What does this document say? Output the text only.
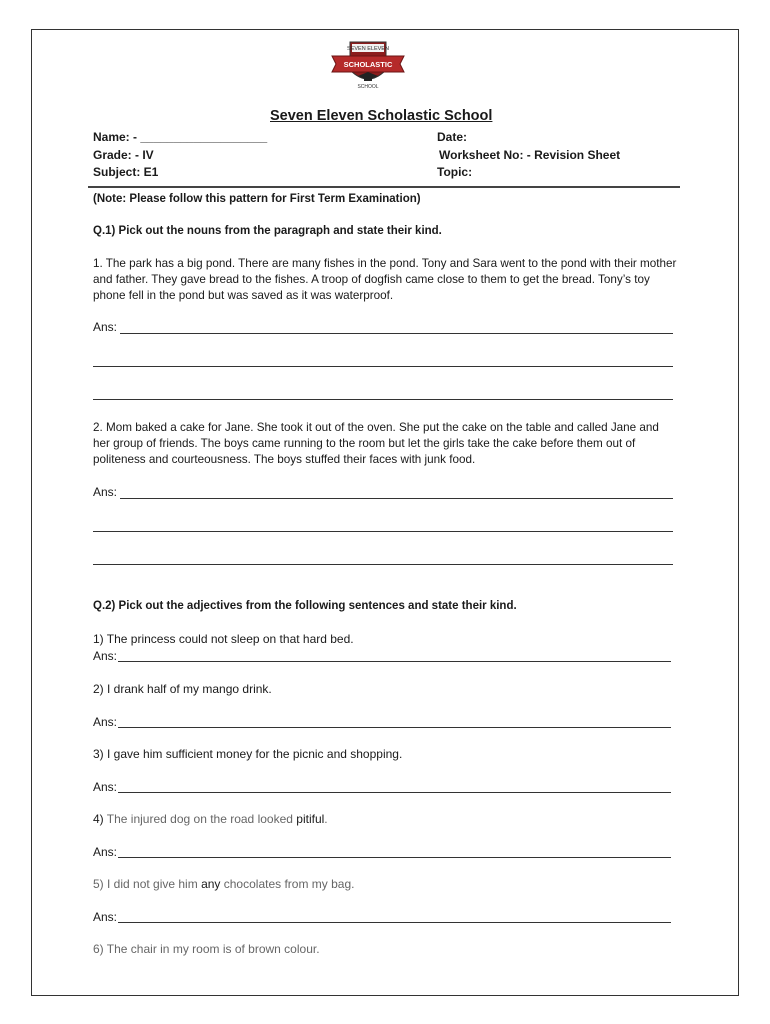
SEVEN ELEVEN
SCHOLASTIC
SCHOOL
Seven Eleven Scholastic School
Name: - ___________________	Date:
Grade: - IV	Worksheet No: - Revision Sheet
Subject: E1	Topic:
(Note: Please follow this pattern for First Term Examination)
Q.1) Pick out the nouns from the paragraph and state their kind.
1. The park has a big pond. There are many fishes in the pond. Tony and Sara went to the pond with their mother and father. They gave bread to the fishes. A troop of dogfish came close to them to get the bread. Tony’s toy phone fell in the pond but was saved as it was waterproof.
Ans:
2. Mom baked a cake for Jane. She took it out of the oven. She put the cake on the table and called Jane and her group of friends. The boys came running to the room but let the girls take the cake before them out of politeness and courteousness. The boys stuffed their faces with junk food.
Ans:
Q.2) Pick out the adjectives from the following sentences and state their kind.
1) The princess could not sleep on that hard bed.
Ans:
2) I drank half of my mango drink.
Ans:
3) I gave him sufficient money for the picnic and shopping.
Ans:
4) The injured dog on the road looked pitiful.
Ans:
5) I did not give him any chocolates from my bag.
Ans:
6) The chair in my room is of brown colour.
